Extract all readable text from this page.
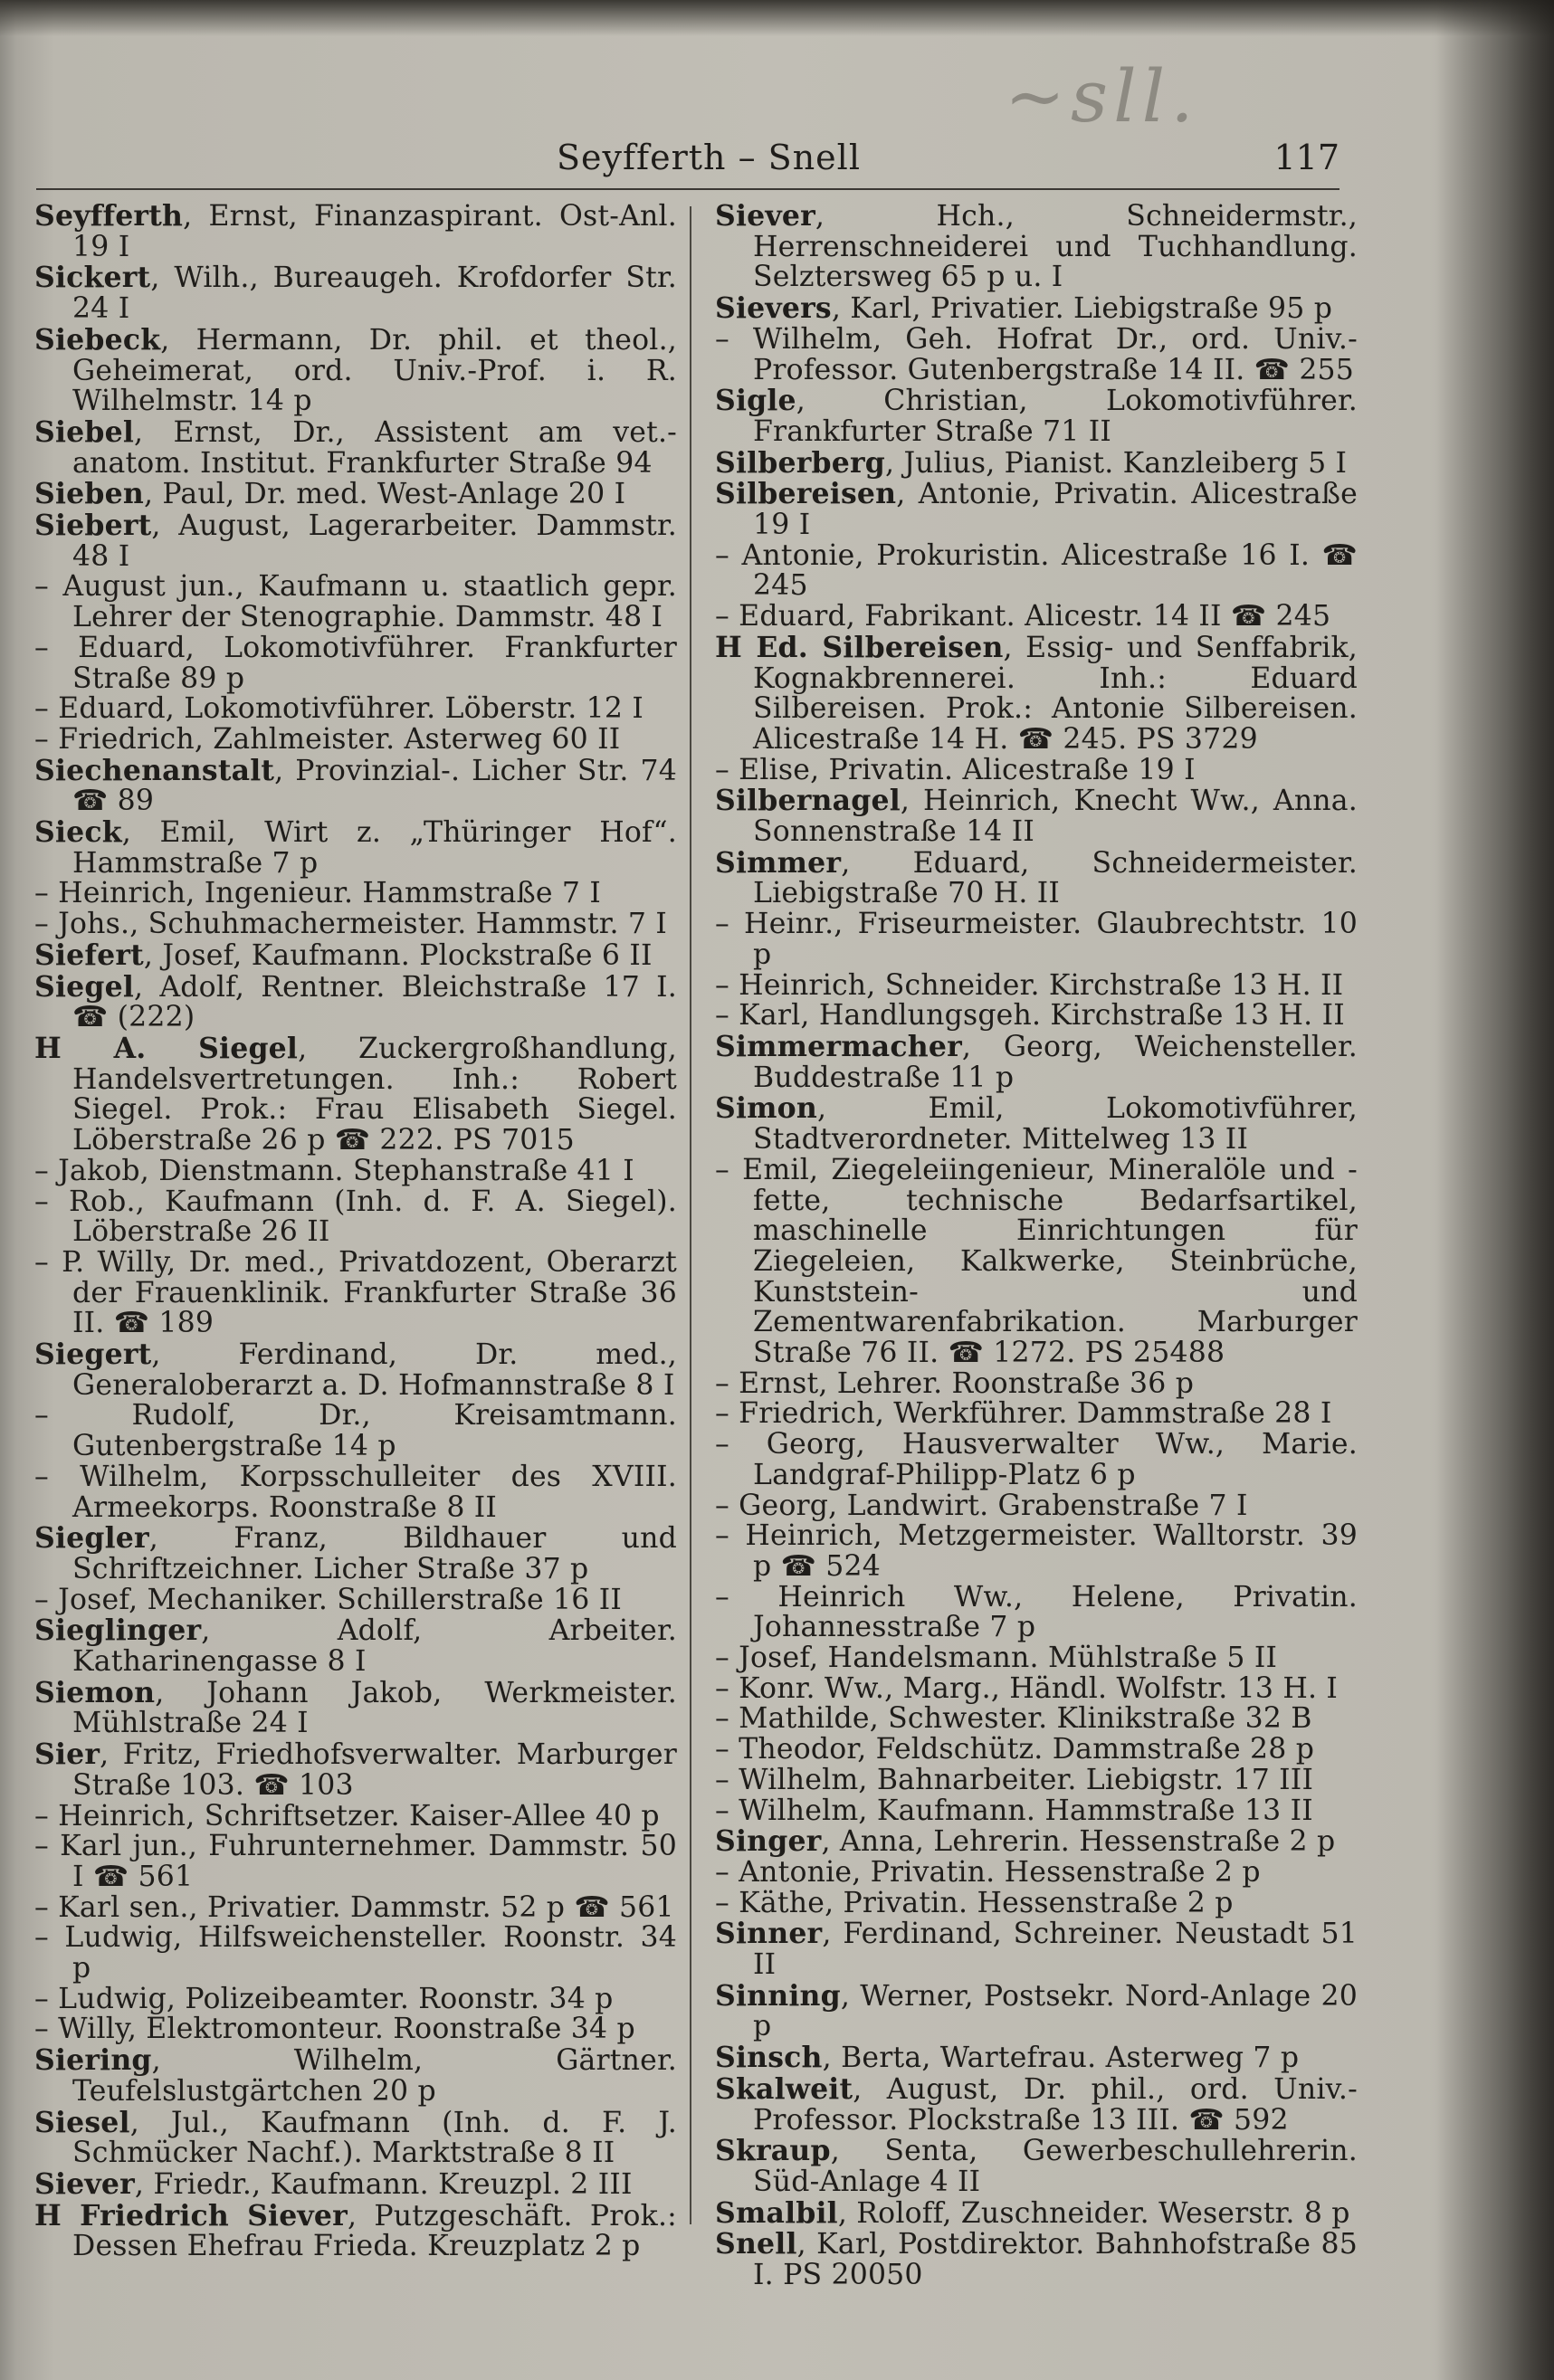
~sll.
Seyfferth – Snell	117

Seyfferth, Ernst, Finanzaspirant. Ost-Anl. 19 I

Sickert, Wilh., Bureaugeh. Krofdorfer Str. 24 I

Siebeck, Hermann, Dr. phil. et theol., Geheimerat, ord. Univ.-Prof. i. R. Wilhelmstr. 14 p

Siebel, Ernst, Dr., Assistent am vet.-anatom. Institut. Frankfurter Straße 94

Sieben, Paul, Dr. med. West-Anlage 20 I

Siebert, August, Lagerarbeiter. Dammstr. 48 I

– August jun., Kaufmann u. staatlich gepr. Lehrer der Stenographie. Dammstr. 48 I

– Eduard, Lokomotivführer. Frankfurter Straße 89 p

– Eduard, Lokomotivführer. Löberstr. 12 I

– Friedrich, Zahlmeister. Asterweg 60 II

Siechenanstalt, Provinzial-. Licher Str. 74 ☎ 89

Sieck, Emil, Wirt z. „Thüringer Hof“. Hammstraße 7 p

– Heinrich, Ingenieur. Hammstraße 7 I

– Johs., Schuhmachermeister. Hammstr. 7 I

Siefert, Josef, Kaufmann. Plockstraße 6 II

Siegel, Adolf, Rentner. Bleichstraße 17 I. ☎ (222)

H A. Siegel, Zuckergroßhandlung, Handelsvertretungen. Inh.: Robert Siegel. Prok.: Frau Elisabeth Siegel. Löberstraße 26 p ☎ 222. PS 7015

– Jakob, Dienstmann. Stephanstraße 41 I

– Rob., Kaufmann (Inh. d. F. A. Siegel). Löberstraße 26 II

– P. Willy, Dr. med., Privatdozent, Oberarzt der Frauenklinik. Frankfurter Straße 36 II. ☎ 189

Siegert, Ferdinand, Dr. med., Generaloberarzt a. D. Hofmannstraße 8 I

– Rudolf, Dr., Kreisamtmann. Gutenbergstraße 14 p

– Wilhelm, Korpsschulleiter des XVIII. Armeekorps. Roonstraße 8 II

Siegler, Franz, Bildhauer und Schriftzeichner. Licher Straße 37 p

– Josef, Mechaniker. Schillerstraße 16 II

Sieglinger, Adolf, Arbeiter. Katharinengasse 8 I

Siemon, Johann Jakob, Werkmeister. Mühlstraße 24 I

Sier, Fritz, Friedhofsverwalter. Marburger Straße 103. ☎ 103

– Heinrich, Schriftsetzer. Kaiser-Allee 40 p

– Karl jun., Fuhrunternehmer. Dammstr. 50 I ☎ 561

– Karl sen., Privatier. Dammstr. 52 p ☎ 561

– Ludwig, Hilfsweichensteller. Roonstr. 34 p

– Ludwig, Polizeibeamter. Roonstr. 34 p

– Willy, Elektromonteur. Roonstraße 34 p

Siering, Wilhelm, Gärtner. Teufelslustgärtchen 20 p

Siesel, Jul., Kaufmann (Inh. d. F. J. Schmücker Nachf.). Marktstraße 8 II

Siever, Friedr., Kaufmann. Kreuzpl. 2 III

H Friedrich Siever, Putzgeschäft. Prok.: Dessen Ehefrau Frieda. Kreuzplatz 2 p

Siever, Hch., Schneidermstr., Herrenschneiderei und Tuchhandlung. Selztersweg 65 p u. I

Sievers, Karl, Privatier. Liebigstraße 95 p

– Wilhelm, Geh. Hofrat Dr., ord. Univ.-Professor. Gutenbergstraße 14 II. ☎ 255

Sigle, Christian, Lokomotivführer. Frankfurter Straße 71 II

Silberberg, Julius, Pianist. Kanzleiberg 5 I

Silbereisen, Antonie, Privatin. Alicestraße 19 I

– Antonie, Prokuristin. Alicestraße 16 I. ☎ 245

– Eduard, Fabrikant. Alicestr. 14 II ☎ 245

H Ed. Silbereisen, Essig- und Senffabrik, Kognakbrennerei. Inh.: Eduard Silbereisen. Prok.: Antonie Silbereisen. Alicestraße 14 H. ☎ 245. PS 3729

– Elise, Privatin. Alicestraße 19 I

Silbernagel, Heinrich, Knecht Ww., Anna. Sonnenstraße 14 II

Simmer, Eduard, Schneidermeister. Liebigstraße 70 H. II

– Heinr., Friseurmeister. Glaubrechtstr. 10 p

– Heinrich, Schneider. Kirchstraße 13 H. II

– Karl, Handlungsgeh. Kirchstraße 13 H. II

Simmermacher, Georg, Weichensteller. Buddestraße 11 p

Simon, Emil, Lokomotivführer, Stadtverordneter. Mittelweg 13 II

– Emil, Ziegeleiingenieur, Mineralöle und -fette, technische Bedarfsartikel, maschinelle Einrichtungen für Ziegeleien, Kalkwerke, Steinbrüche, Kunststein- und Zementwarenfabrikation. Marburger Straße 76 II. ☎ 1272. PS 25488

– Ernst, Lehrer. Roonstraße 36 p

– Friedrich, Werkführer. Dammstraße 28 I

– Georg, Hausverwalter Ww., Marie. Landgraf-Philipp-Platz 6 p

– Georg, Landwirt. Grabenstraße 7 I

– Heinrich, Metzgermeister. Walltorstr. 39 p ☎ 524

– Heinrich Ww., Helene, Privatin. Johannesstraße 7 p

– Josef, Handelsmann. Mühlstraße 5 II

– Konr. Ww., Marg., Händl. Wolfstr. 13 H. I

– Mathilde, Schwester. Klinikstraße 32 B

– Theodor, Feldschütz. Dammstraße 28 p

– Wilhelm, Bahnarbeiter. Liebigstr. 17 III

– Wilhelm, Kaufmann. Hammstraße 13 II

Singer, Anna, Lehrerin. Hessenstraße 2 p

– Antonie, Privatin. Hessenstraße 2 p

– Käthe, Privatin. Hessenstraße 2 p

Sinner, Ferdinand, Schreiner. Neustadt 51 II

Sinning, Werner, Postsekr. Nord-Anlage 20 p

Sinsch, Berta, Wartefrau. Asterweg 7 p

Skalweit, August, Dr. phil., ord. Univ.-Professor. Plockstraße 13 III. ☎ 592

Skraup, Senta, Gewerbeschullehrerin. Süd-Anlage 4 II

Smalbil, Roloff, Zuschneider. Weserstr. 8 p

Snell, Karl, Postdirektor. Bahnhofstraße 85 I. PS 20050
